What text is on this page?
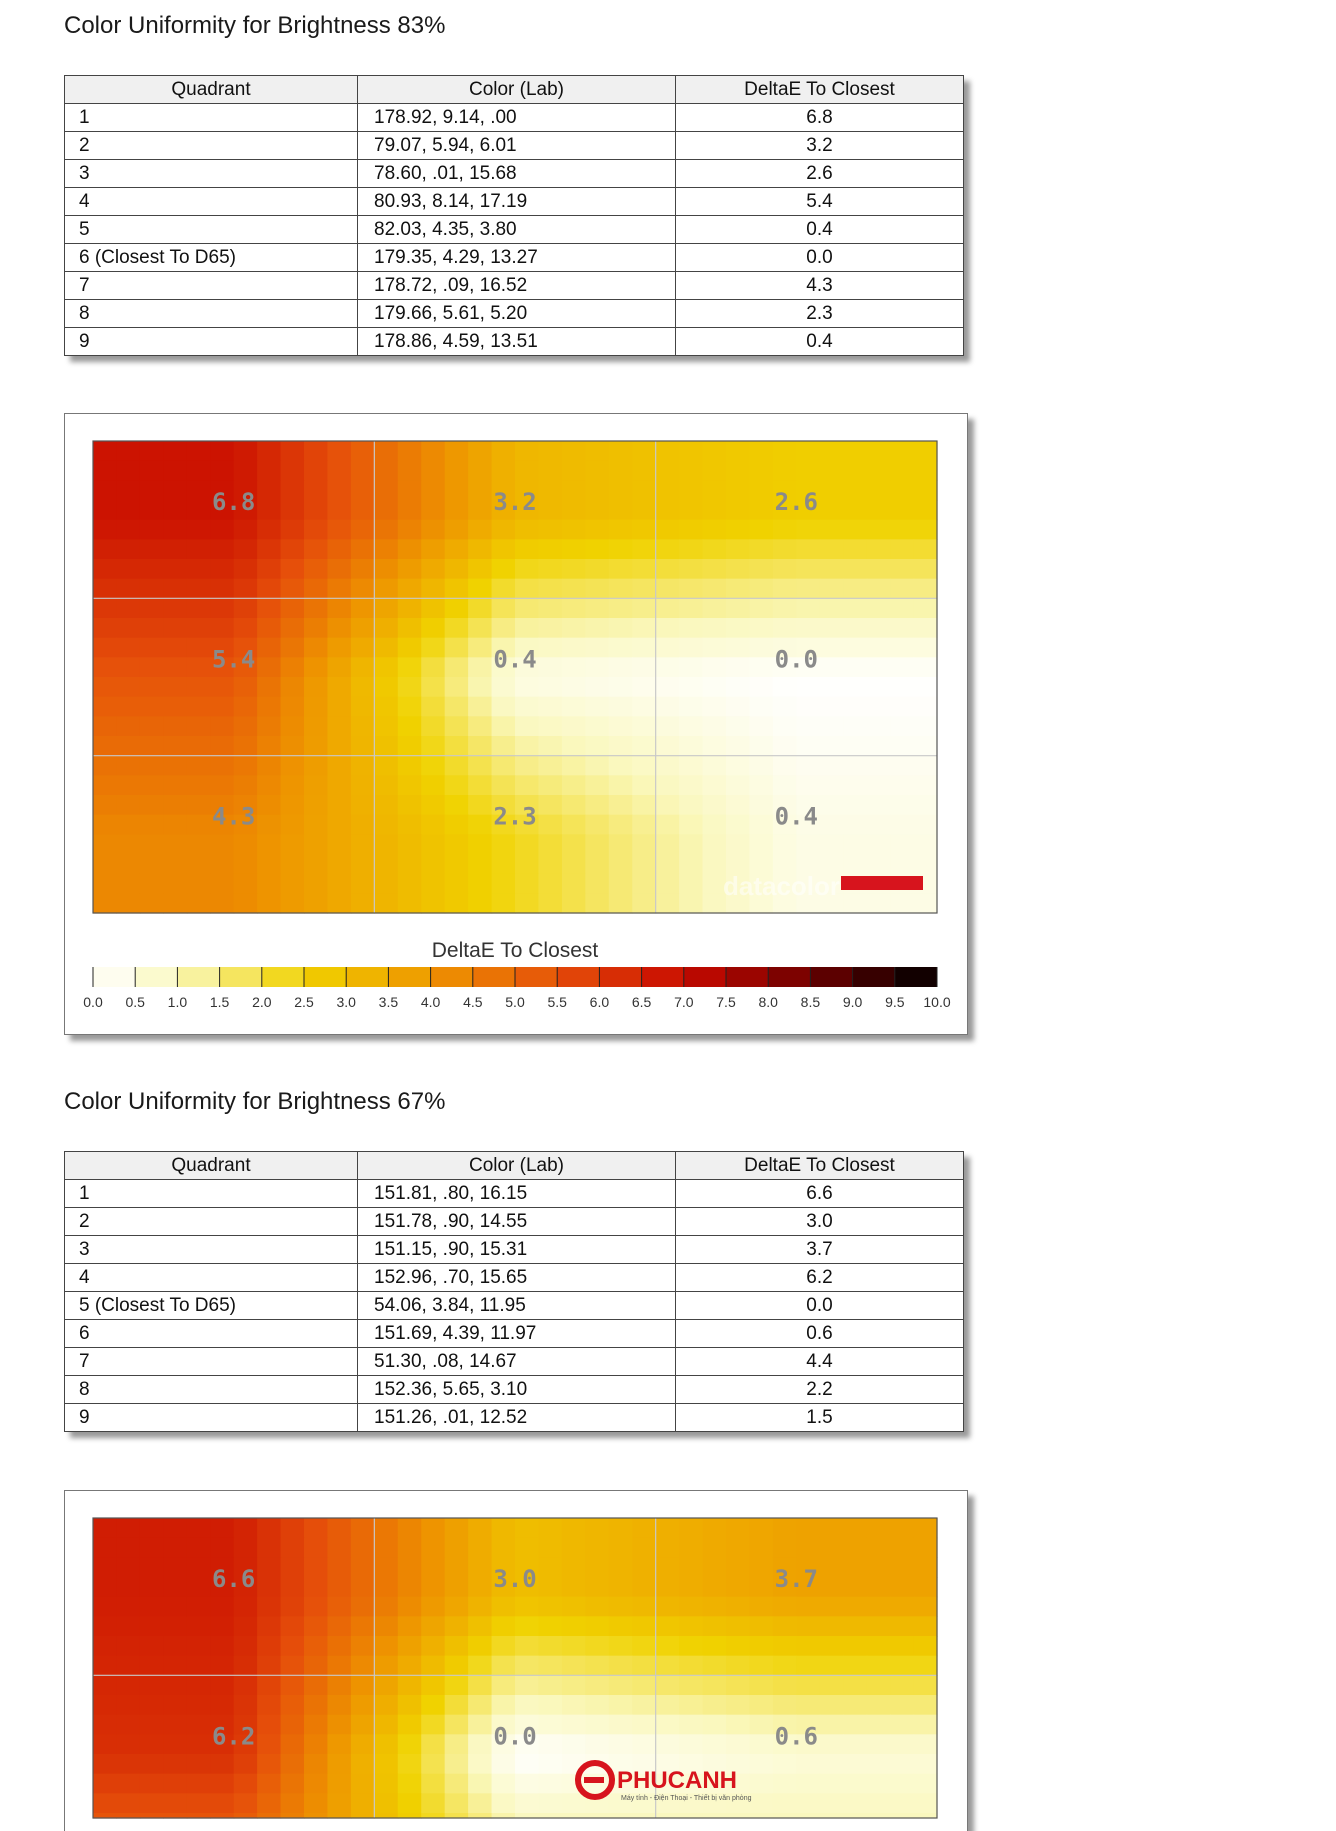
Color Uniformity for Brightness 83%
Quadrant	Color (Lab)	DeltaE To Closest
1	178.92, 9.14, .00	6.8
2	79.07, 5.94, 6.01	3.2
3	78.60, .01, 15.68	2.6
4	80.93, 8.14, 17.19	5.4
5	82.03, 4.35, 3.80	0.4
6 (Closest To D65)	179.35, 4.29, 13.27	0.0
7	178.72, .09, 16.52	4.3
8	179.66, 5.61, 5.20	2.3
9	178.86, 4.59, 13.51	0.4
6.8	3.2	2.6
5.4	0.4	0.0
4.3	2.3	0.4
datacolor
DeltaE To Closest
0.0 0.5 1.0 1.5 2.0 2.5 3.0 3.5 4.0 4.5 5.0 5.5 6.0 6.5 7.0 7.5 8.0 8.5 9.0 9.5 10.0
Color Uniformity for Brightness 67%
Quadrant	Color (Lab)	DeltaE To Closest
1	151.81, .80, 16.15	6.6
2	151.78, .90, 14.55	3.0
3	151.15, .90, 15.31	3.7
4	152.96, .70, 15.65	6.2
5 (Closest To D65)	54.06, 3.84, 11.95	0.0
6	151.69, 4.39, 11.97	0.6
7	51.30, .08, 14.67	4.4
8	152.36, 5.65, 3.10	2.2
9	151.26, .01, 12.52	1.5
6.6	3.0	3.7
6.2	0.0	0.6
PHUCANH
Máy tính - Điện Thoại - Thiết bị văn phòng
